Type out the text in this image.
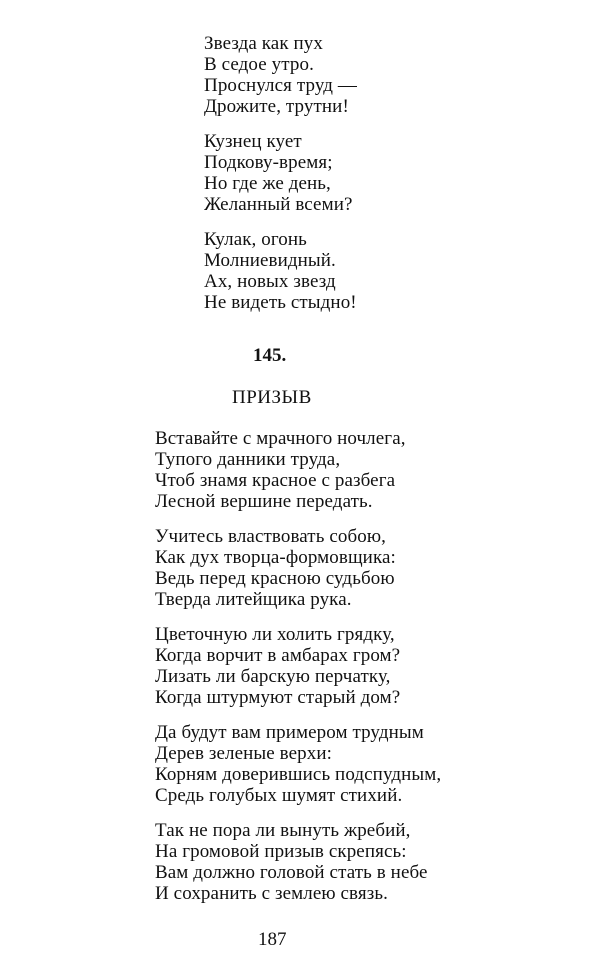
Звезда как пух
В седое утро.
Проснулся труд —
Дрожите, трутни!
Кузнец кует
Подкову-время;
Но где же день,
Желанный всеми?
Кулак, огонь
Молниевидный.
Ах, новых звезд
Не видеть стыдно!
145.
ПРИЗЫВ
Вставайте с мрачного ночлега,
Тупого данники труда,
Чтоб знамя красное с разбега
Лесной вершине передать.
Учитесь властвовать собою,
Как дух творца-формовщика:
Ведь перед красною судьбою
Тверда литейщика рука.
Цветочную ли холить грядку,
Когда ворчит в амбарах гром?
Лизать ли барскую перчатку,
Когда штурмуют старый дом?
Да будут вам примером трудным
Дерев зеленые верхи:
Корням доверившись подспудным,
Средь голубых шумят стихий.
Так не пора ли вынуть жребий,
На громовой призыв скрепясь:
Вам должно головой стать в небе
И сохранить с землею связь.
187
